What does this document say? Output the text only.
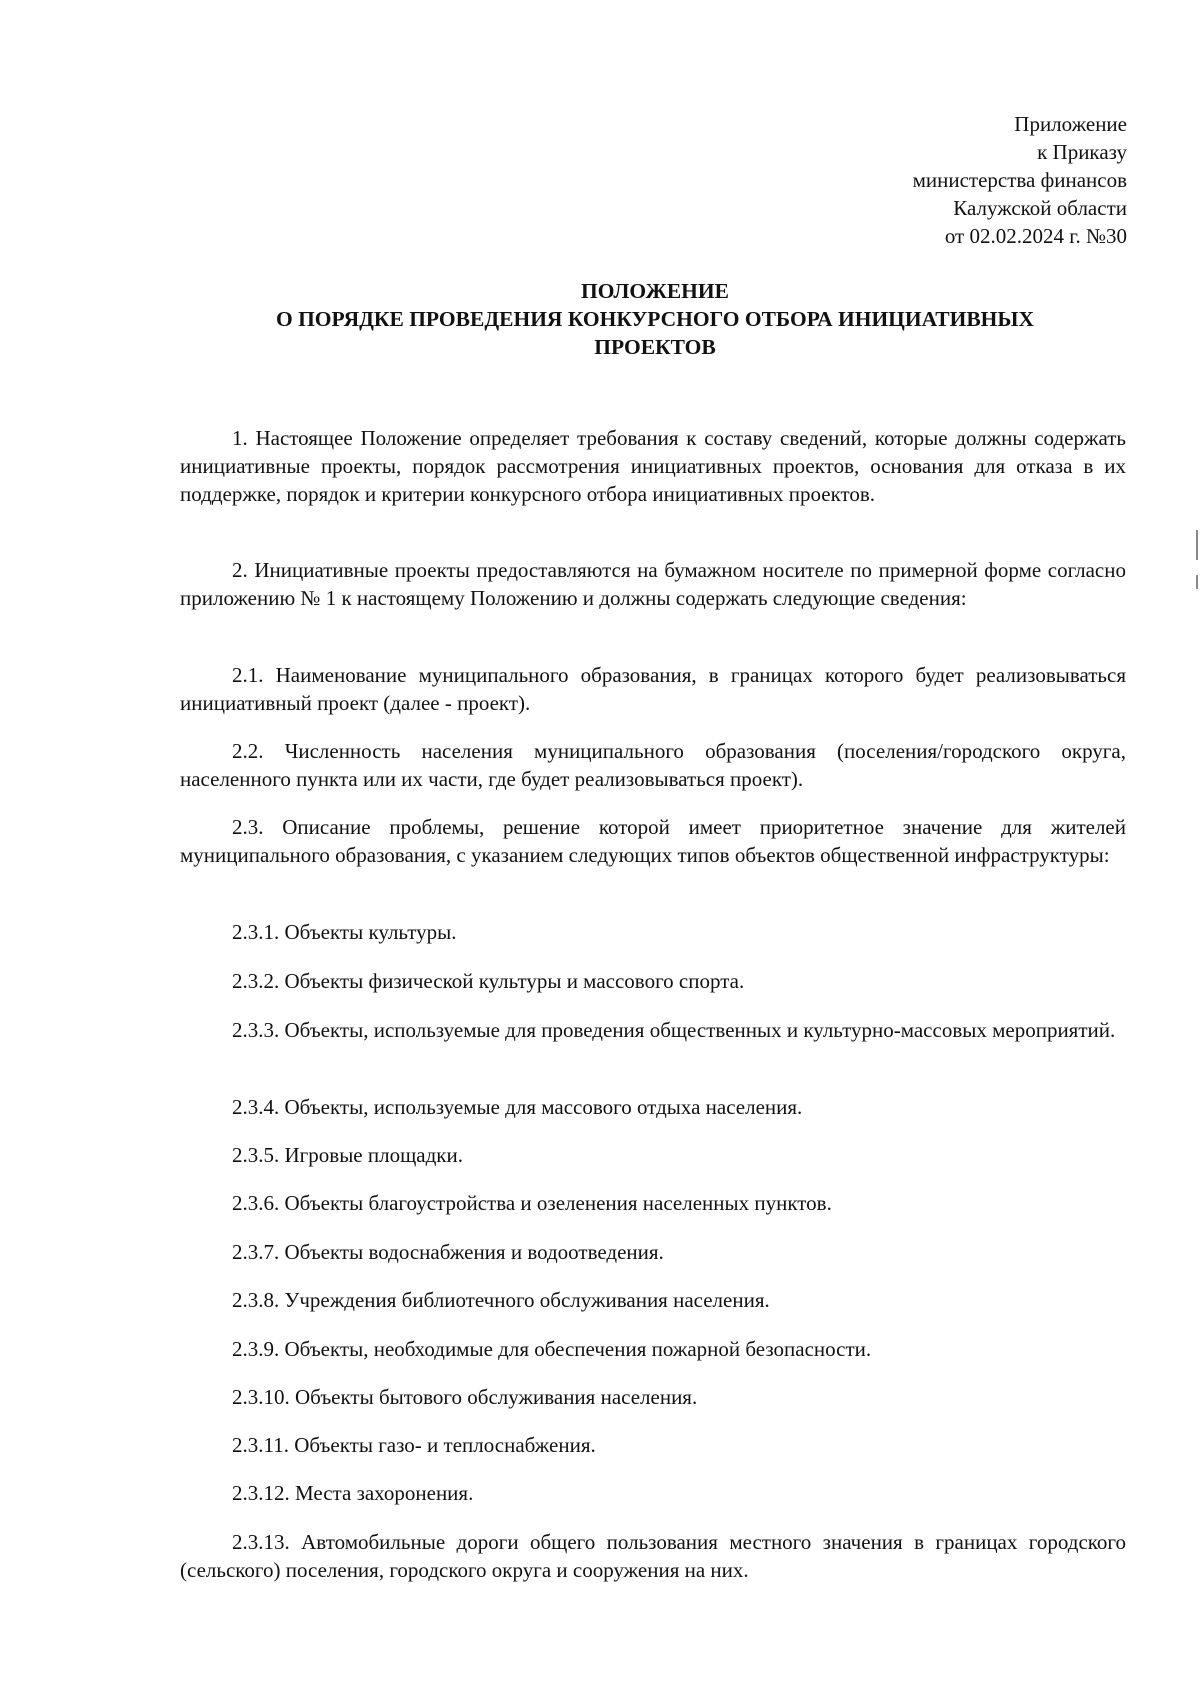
Приложение
к Приказу
министерства финансов
Калужской области
от 02.02.2024 г. №30
ПОЛОЖЕНИЕ
О ПОРЯДКЕ ПРОВЕДЕНИЯ КОНКУРСНОГО ОТБОРА ИНИЦИАТИВНЫХ
ПРОЕКТОВ
1. Настоящее Положение определяет требования к составу сведений, которые должны содержать инициативные проекты, порядок рассмотрения инициативных проектов, основания для отказа в их поддержке, порядок и критерии конкурсного отбора инициативных проектов.
2. Инициативные проекты предоставляются на бумажном носителе по примерной форме согласно приложению № 1 к настоящему Положению и должны содержать следующие сведения:
2.1. Наименование муниципального образования, в границах которого будет реализовываться инициативный проект (далее - проект).
2.2. Численность населения муниципального образования (поселения/городского округа, населенного пункта или их части, где будет реализовываться проект).
2.3. Описание проблемы, решение которой имеет приоритетное значение для жителей муниципального образования, с указанием следующих типов объектов общественной инфраструктуры:
2.3.1. Объекты культуры.
2.3.2. Объекты физической культуры и массового спорта.
2.3.3. Объекты, используемые для проведения общественных и культурно-массовых мероприятий.
2.3.4. Объекты, используемые для массового отдыха населения.
2.3.5. Игровые площадки.
2.3.6. Объекты благоустройства и озеленения населенных пунктов.
2.3.7. Объекты водоснабжения и водоотведения.
2.3.8. Учреждения библиотечного обслуживания населения.
2.3.9. Объекты, необходимые для обеспечения пожарной безопасности.
2.3.10. Объекты бытового обслуживания населения.
2.3.11. Объекты газо- и теплоснабжения.
2.3.12. Места захоронения.
2.3.13. Автомобильные дороги общего пользования местного значения в границах городского (сельского) поселения, городского округа и сооружения на них.
